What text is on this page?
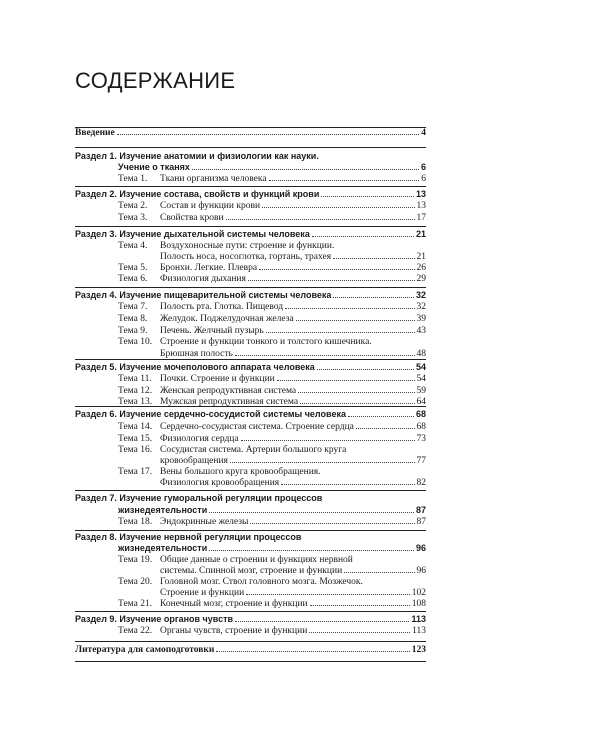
СОДЕРЖАНИЕ
Введение	4
Раздел 1. Изучение анатомии и физиологии как науки.
Учение о тканях	6
Тема 1. Ткани организма человека	6
Раздел 2. Изучение состава, свойств и функций крови	13
Тема 2. Состав и функции крови	13
Тема 3. Свойства крови	17
Раздел 3. Изучение дыхательной системы человека	21
Тема 4. Воздухоносные пути: строение и функции.
Полость носа, носоглотка, гортань, трахея	21
Тема 5. Бронхи. Легкие. Плевра	26
Тема 6. Физиология дыхания	29
Раздел 4. Изучение пищеварительной системы человека	32
Тема 7. Полость рта. Глотка. Пищевод	32
Тема 8. Желудок. Поджелудочная железа	39
Тема 9. Печень. Желчный пузырь	43
Тема 10. Строение и функции тонкого и толстого кишечника.
Брюшная полость	48
Раздел 5. Изучение мочеполового аппарата человека	54
Тема 11. Почки. Строение и функции	54
Тема 12. Женская репродуктивная система	59
Тема 13. Мужская репродуктивная система	64
Раздел 6. Изучение сердечно-сосудистой системы человека	68
Тема 14. Сердечно-сосудистая система. Строение сердца	68
Тема 15. Физиология сердца	73
Тема 16. Сосудистая система. Артерии большого круга
кровообращения	77
Тема 17. Вены большого круга кровообращения.
Физиология кровообращения	82
Раздел 7. Изучение гуморальной регуляции процессов
жизнедеятельности	87
Тема 18. Эндокринные железы	87
Раздел 8. Изучение нервной регуляции процессов
жизнедеятельности	96
Тема 19. Общие данные о строении и функциях нервной
системы. Спинной мозг, строение и функции	96
Тема 20. Головной мозг. Ствол головного мозга. Мозжечок.
Строение и функции	102
Тема 21. Конечный мозг, строение и функции	108
Раздел 9. Изучение органов чувств	113
Тема 22. Органы чувств, строение и функции	113
Литература для самоподготовки	123
